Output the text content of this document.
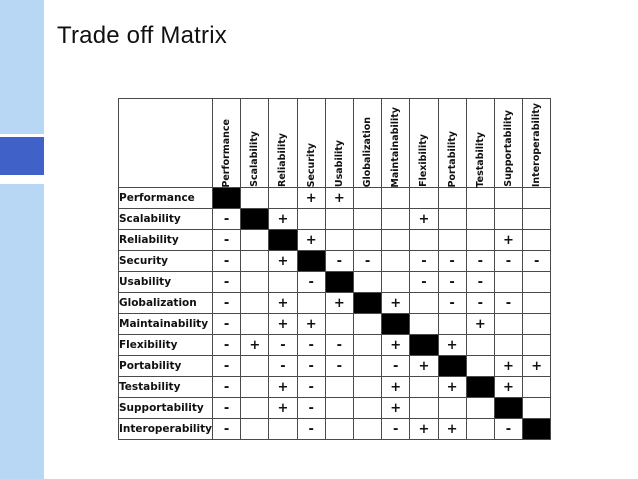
Trade off Matrix

	Performance	Scalability	Reliability	Security	Usability	Globalization	Maintainability	Flexibility	Portability	Testability	Supportability	Interoperability

Performance				+	+							
Scalability	-		+					+				
Reliability	-			+							+	
Security	-		+		-	-		-	-	-	-	-
Usability	-			-				-	-	-		
Globalization	-		+		+		+		-	-	-	
Maintainability	-		+	+						+		
Flexibility	-	+	-	-	-		+		+			
Portability	-		-	-	-		-	+			+	+
Testability	-		+	-			+		+		+	
Supportability	-		+	-			+					
Interoperability	-			-			-	+	+		-	
